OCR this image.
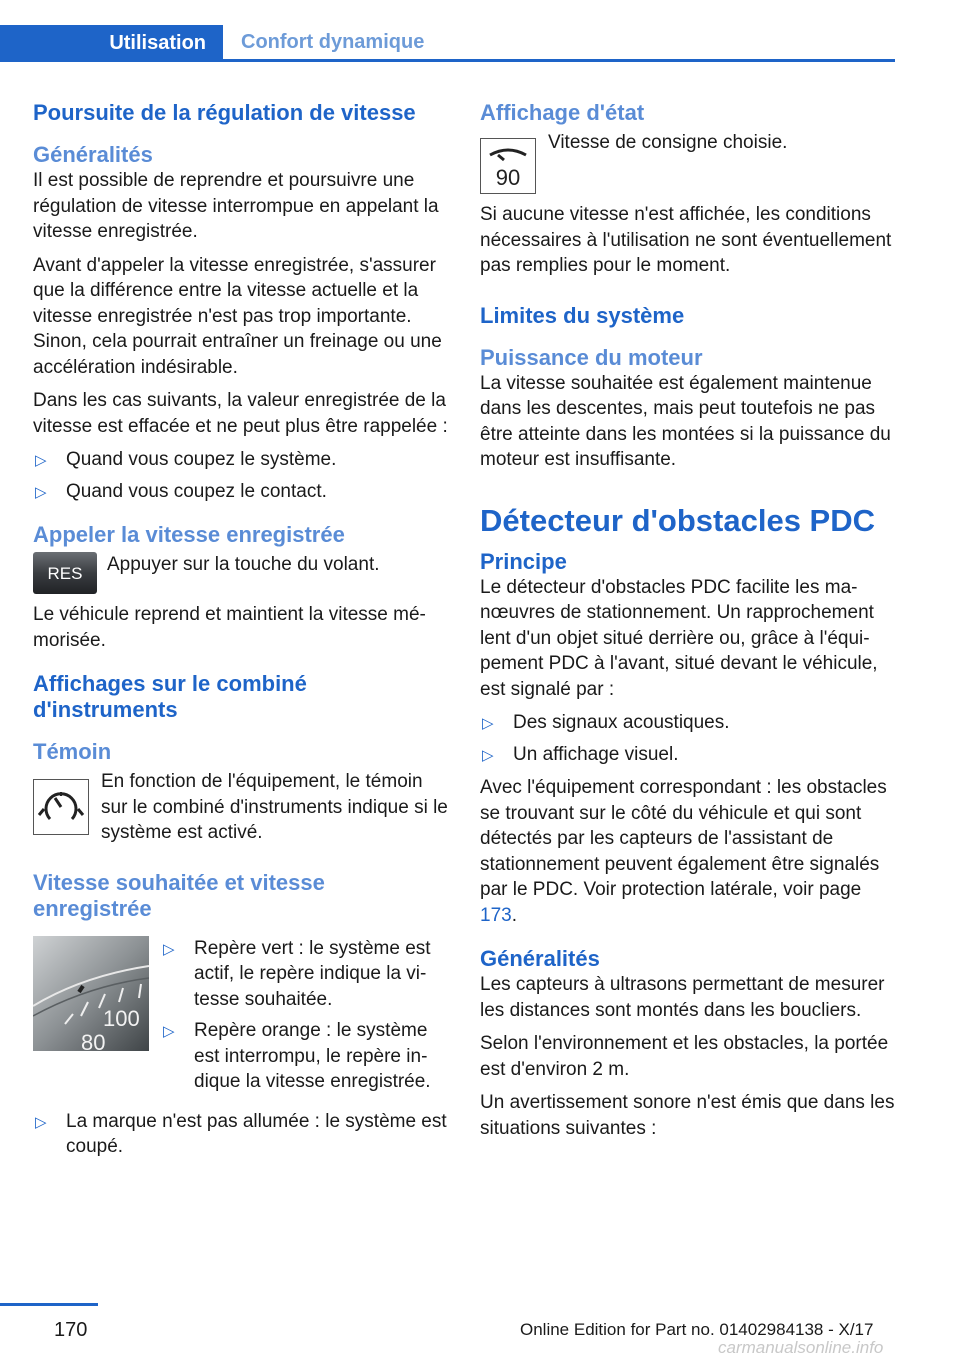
Utilisation	Confort dynamique
Poursuite de la régulation de vitesse
Généralités

Il est possible de reprendre et poursuivre une régulation de vitesse interrompue en appelant la vitesse enregistrée.

Avant d'appeler la vitesse enregistrée, s'assurer que la différence entre la vitesse actuelle et la vitesse enregistrée n'est pas trop importante. Sinon, cela pourrait entraîner un freinage ou une accélération indésirable.

Dans les cas suivants, la valeur enregistrée de la vitesse est effacée et ne peut plus être rappelée :

▷ Quand vous coupez le système.
▷ Quand vous coupez le contact.
Appeler la vitesse enregistrée
RES Appuyer sur la touche du volant.

Le véhicule reprend et maintient la vitesse mémorisée.

Affichages sur le combiné d'instruments
Témoin
En fonction de l'équipement, le témoin sur le combiné d'instruments indique si le système est activé.
Vitesse souhaitée et vitesse enregistrée
100
80
▷ Repère vert : le système est actif, le repère indique la vitesse souhaitée.
▷ Repère orange : le système est interrompu, le repère indique la vitesse enregistrée.
▷ La marque n'est pas allumée : le système est coupé.
Affichage d'état
90
Vitesse de consigne choisie.

Si aucune vitesse n'est affichée, les conditions nécessaires à l'utilisation ne sont éventuellement pas remplies pour le moment.

Limites du système
Puissance du moteur

La vitesse souhaitée est également maintenue dans les descentes, mais peut toutefois ne pas être atteinte dans les montées si la puissance du moteur est insuffisante.

Détecteur d'obstacles PDC
Principe

Le détecteur d'obstacles PDC facilite les manœuvres de stationnement. Un rapprochement lent d'un objet situé derrière ou, grâce à l'équipement PDC à l'avant, situé devant le véhicule, est signalé par :

▷ Des signaux acoustiques.
▷ Un affichage visuel.

Avec l'équipement correspondant : les obstacles se trouvant sur le côté du véhicule et qui sont détectés par les capteurs de l'assistant de stationnement peuvent également être signalés par le PDC. Voir protection latérale, voir page 173.

Généralités

Les capteurs à ultrasons permettant de mesurer les distances sont montés dans les boucliers.

Selon l'environnement et les obstacles, la portée est d'environ 2 m.

Un avertissement sonore n'est émis que dans les situations suivantes :

170	Online Edition for Part no. 01402984138 - X/17
carmanualsonline.info
